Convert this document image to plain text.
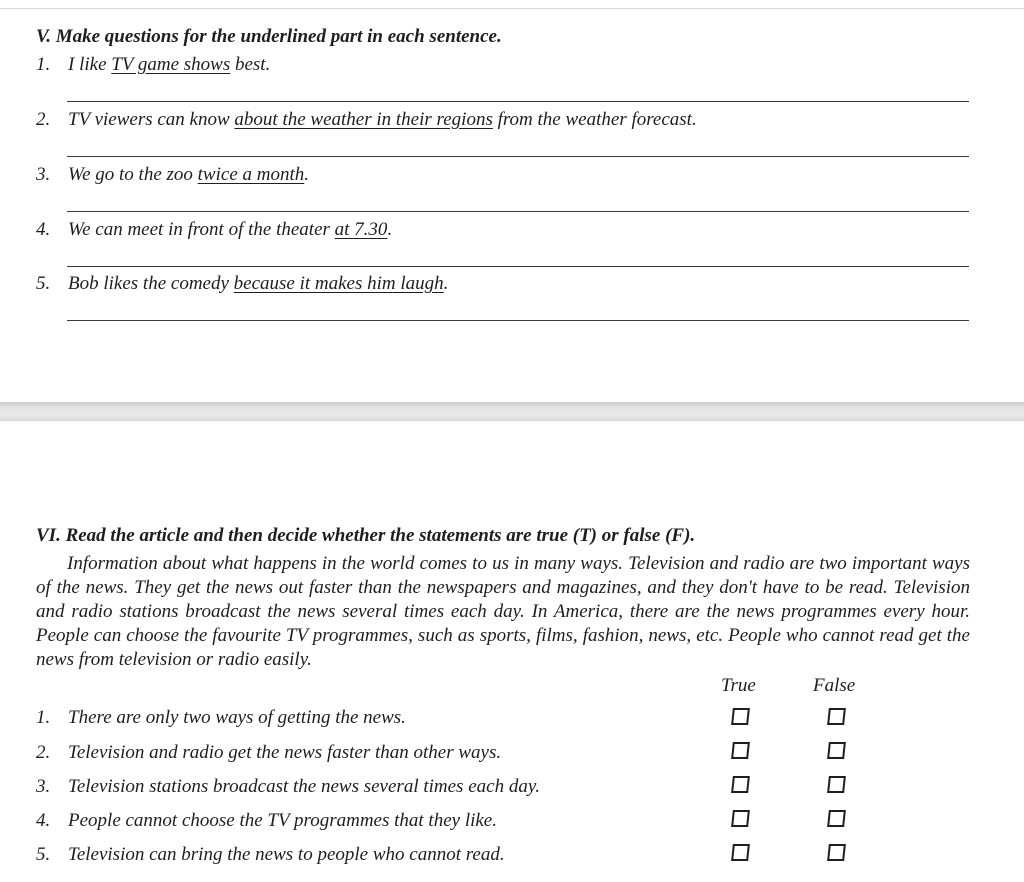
V. Make questions for the underlined part in each sentence.
1. I like TV game shows best.
2. TV viewers can know about the weather in their regions from the weather forecast.
3. We go to the zoo twice a month.
4. We can meet in front of the theater at 7.30.
5. Bob likes the comedy because it makes him laugh.
VI. Read the article and then decide whether the statements are true (T) or false (F).

Information about what happens in the world comes to us in many ways. Television and radio are two important ways of the news. They get the news out faster than the newspapers and magazines, and they don't have to be read. Television and radio stations broadcast the news several times each day. In America, there are the news programmes every hour. People can choose the favourite TV programmes, such as sports, films, fashion, news, etc. People who cannot read get the news from television or radio easily.

True	False
1. There are only two ways of getting the news.
2. Television and radio get the news faster than other ways.
3. Television stations broadcast the news several times each day.
4. People cannot choose the TV programmes that they like.
5. Television can bring the news to people who cannot read.
